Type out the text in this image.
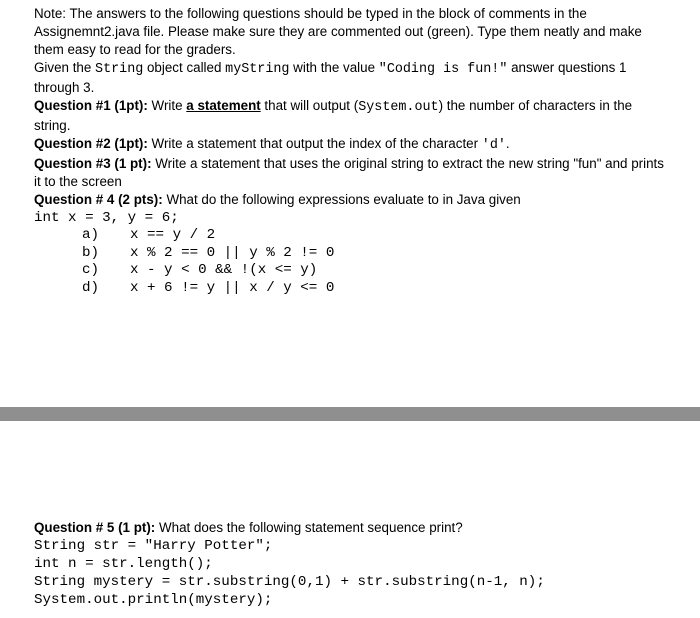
Note: The answers to the following questions should be typed in the block of comments in the Assignemnt2.java file. Please make sure they are commented out (green). Type them neatly and make them easy to read for the graders.

Given the String object called myString with the value "Coding is fun!" answer questions 1 through 3.

Question #1 (1pt): Write a statement that will output (System.out) the number of characters in the string.

Question #2 (1pt): Write a statement that output the index of the character 'd'.

Question #3 (1 pt): Write a statement that uses the original string to extract the new string "fun" and prints it to the screen

Question # 4 (2 pts): What do the following expressions evaluate to in Java given

int x = 3, y = 6;
a)	x == y / 2
b)	x % 2 == 0 || y % 2 != 0
c)	x - y < 0 && !(x <= y)
d)	x + 6 != y || x / y <= 0

Question # 5 (1 pt): What does the following statement sequence print?

String str = "Harry Potter";
int n = str.length();
String mystery = str.substring(0,1) + str.substring(n-1, n);
System.out.println(mystery);
